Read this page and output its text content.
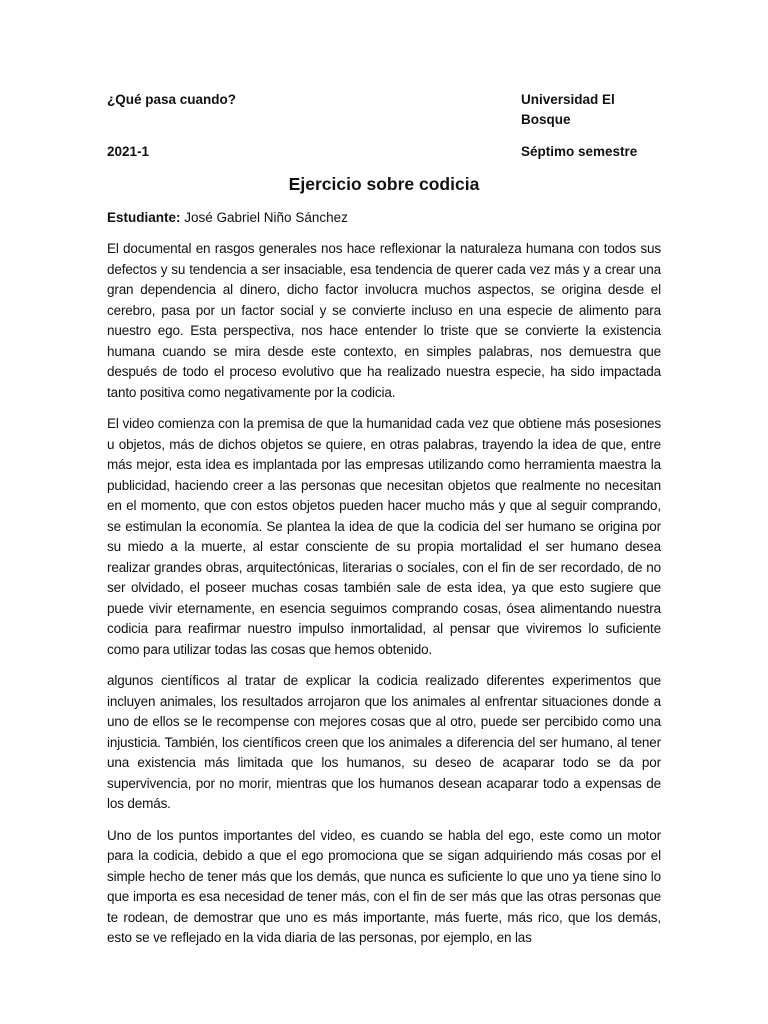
¿Qué pasa cuando?	Universidad El Bosque
2021-1	Séptimo semestre
Ejercicio sobre codicia
Estudiante: José Gabriel Niño Sánchez

El documental en rasgos generales nos hace reflexionar la naturaleza humana con todos sus defectos y su tendencia a ser insaciable, esa tendencia de querer cada vez más y a crear una gran dependencia al dinero, dicho factor involucra muchos aspectos, se origina desde el cerebro, pasa por un factor social y se convierte incluso en una especie de alimento para nuestro ego. Esta perspectiva, nos hace entender lo triste que se convierte la existencia humana cuando se mira desde este contexto, en simples palabras, nos demuestra que después de todo el proceso evolutivo que ha realizado nuestra especie, ha sido impactada tanto positiva como negativamente por la codicia.

El video comienza con la premisa de que la humanidad cada vez que obtiene más posesiones u objetos, más de dichos objetos se quiere, en otras palabras, trayendo la idea de que, entre más mejor, esta idea es implantada por las empresas utilizando como herramienta maestra la publicidad, haciendo creer a las personas que necesitan objetos que realmente no necesitan en el momento, que con estos objetos pueden hacer mucho más y que al seguir comprando, se estimulan la economía. Se plantea la idea de que la codicia del ser humano se origina por su miedo a la muerte, al estar consciente de su propia mortalidad el ser humano desea realizar grandes obras, arquitectónicas, literarias o sociales, con el fin de ser recordado, de no ser olvidado, el poseer muchas cosas también sale de esta idea, ya que esto sugiere que puede vivir eternamente, en esencia seguimos comprando cosas, ósea alimentando nuestra codicia para reafirmar nuestro impulso inmortalidad, al pensar que viviremos lo suficiente como para utilizar todas las cosas que hemos obtenido.

algunos científicos al tratar de explicar la codicia realizado diferentes experimentos que incluyen animales, los resultados arrojaron que los animales al enfrentar situaciones donde a uno de ellos se le recompense con mejores cosas que al otro, puede ser percibido como una injusticia. También, los científicos creen que los animales a diferencia del ser humano, al tener una existencia más limitada que los humanos, su deseo de acaparar todo se da por supervivencia, por no morir, mientras que los humanos desean acaparar todo a expensas de los demás.

Uno de los puntos importantes del video, es cuando se habla del ego, este como un motor para la codicia, debido a que el ego promociona que se sigan adquiriendo más cosas por el simple hecho de tener más que los demás, que nunca es suficiente lo que uno ya tiene sino lo que importa es esa necesidad de tener más, con el fin de ser más que las otras personas que te rodean, de demostrar que uno es más importante, más fuerte, más rico, que los demás, esto se ve reflejado en la vida diaria de las personas, por ejemplo, en las
